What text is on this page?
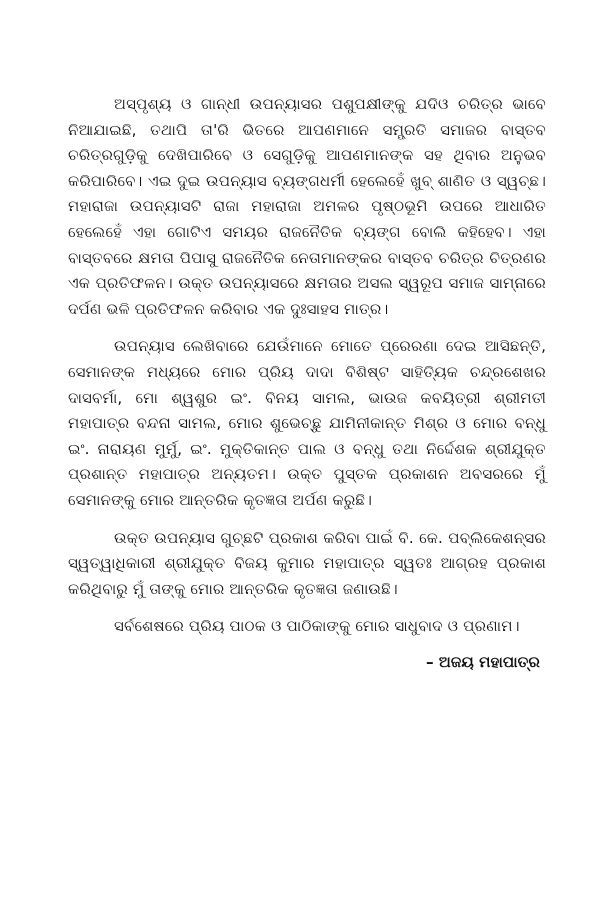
ଅସ୍ପୃଶ୍ୟ ଓ ଗାନ୍ଧୀ ଉପନ୍ୟାସର ପଶୁପକ୍ଷୀଙ୍କୁ ଯଦିଓ ଚରିତ୍ର ଭାବେ ନିଆଯାଇଛି, ତଥାପି ତା'ରି ଭିତରେ ଆପଣମାନେ ସମ୍ପ୍ରତି ସମାଜର ବାସ୍ତବ ଚରିତ୍ରଗୁଡ଼ିକୁ ଦେଖିପାରିବେ ଓ ସେଗୁଡ଼ିକୁ ଆପଣମାନଙ୍କ ସହ ଥିବାର ଅନୁଭବ କରିପାରିବେ। ଏଇ ଦୁଇ ଉପନ୍ୟାସ ବ୍ୟଙ୍ଗଧର୍ମୀ ହେଲେହେଁ ଖୁବ୍ ଶାଣିତ ଓ ସ୍ୱଚ୍ଛ। ମହାରାଜା ଉପନ୍ୟାସଟି ରାଜା ମହାରାଜା ଅମଳର ପୃଷ୍ଠଭୂମି ଉପରେ ଆଧାରିତ ହେଲେହେଁ ଏହା ଗୋଟିଏ ସମୟର ରାଜନୈତିକ ବ୍ୟଙ୍ଗ ବୋଲି କହିହେବ। ଏହା ବାସ୍ତବରେ କ୍ଷମତା ପିପାସୁ ରାଜନୈତିକ ନେତାମାନଙ୍କର ବାସ୍ତବ ଚରିତ୍ର ଚିତ୍ରଣର ଏକ ପ୍ରତିଫଳନ। ଉକ୍ତ ଉପନ୍ୟାସରେ କ୍ଷମତାର ଅସଲ ସ୍ୱରୂପ ସମାଜ ସାମ୍ନାରେ ଦର୍ପଣ ଭଳି ପ୍ରତିଫଳନ କରିବାର ଏକ ଦୁଃସାହସ ମାତ୍ର।

ଉପନ୍ୟାସ ଲେଖିବାରେ ଯେଉଁମାନେ ମୋତେ ପ୍ରେରଣା ଦେଇ ଆସିଛନ୍ତି, ସେମାନଙ୍କ ମଧ୍ୟରେ ମୋର ପ୍ରିୟ ଦାଦା ବିଶିଷ୍ଟ ସାହିତ୍ୟିକ ଚନ୍ଦ୍ରଶେଖର ଦାସବର୍ମା, ମୋ ଶ୍ୱଶୁର ଇଂ. ବିନୟ ସାମଲ, ଭାଉଜ କବୟିତ୍ରୀ ଶ୍ରୀମତୀ ମହାପାତ୍ର ବନ୍ଦନା ସାମଲ, ମୋର ଶୁଭେଚ୍ଛୁ ଯାମିନୀକାନ୍ତ ମିଶ୍ର ଓ ମୋର ବନ୍ଧୁ ଇଂ. ନାରାୟଣ ମୁର୍ମୁ, ଇଂ. ମୁକ୍ତିକାନ୍ତ ପାଲ ଓ ବନ୍ଧୁ ତଥା ନିର୍ଦ୍ଦେଶକ ଶ୍ରୀଯୁକ୍ତ ପ୍ରଶାନ୍ତ ମହାପାତ୍ର ଅନ୍ୟତମ। ଉକ୍ତ ପୁସ୍ତକ ପ୍ରକାଶନ ଅବସରରେ ମୁଁ ସେମାନଙ୍କୁ ମୋର ଆନ୍ତରିକ କୃତଜ୍ଞତା ଅର୍ପଣ କରୁଛି।

ଉକ୍ତ ଉପନ୍ୟାସ ଗୁଚ୍ଛଟି ପ୍ରକାଶ କରିବା ପାଇଁ ବି. କେ. ପବ୍ଲିକେଶନ୍ସର ସ୍ୱତ୍ୱାଧିକାରୀ ଶ୍ରୀଯୁକ୍ତ ବିଜୟ କୁମାର ମହାପାତ୍ର ସ୍ୱତଃ ଆଗ୍ରହ ପ୍ରକାଶ କରିଥିବାରୁ ମୁଁ ତାଙ୍କୁ ମୋର ଆନ୍ତରିକ କୃତଜ୍ଞତା ଜଣାଉଛି।

ସର୍ବଶେଷରେ ପ୍ରିୟ ପାଠକ ଓ ପାଠିକାଙ୍କୁ ମୋର ସାଧୁବାଦ ଓ ପ୍ରଣାମ।

– ଅଜୟ ମହାପାତ୍ର
